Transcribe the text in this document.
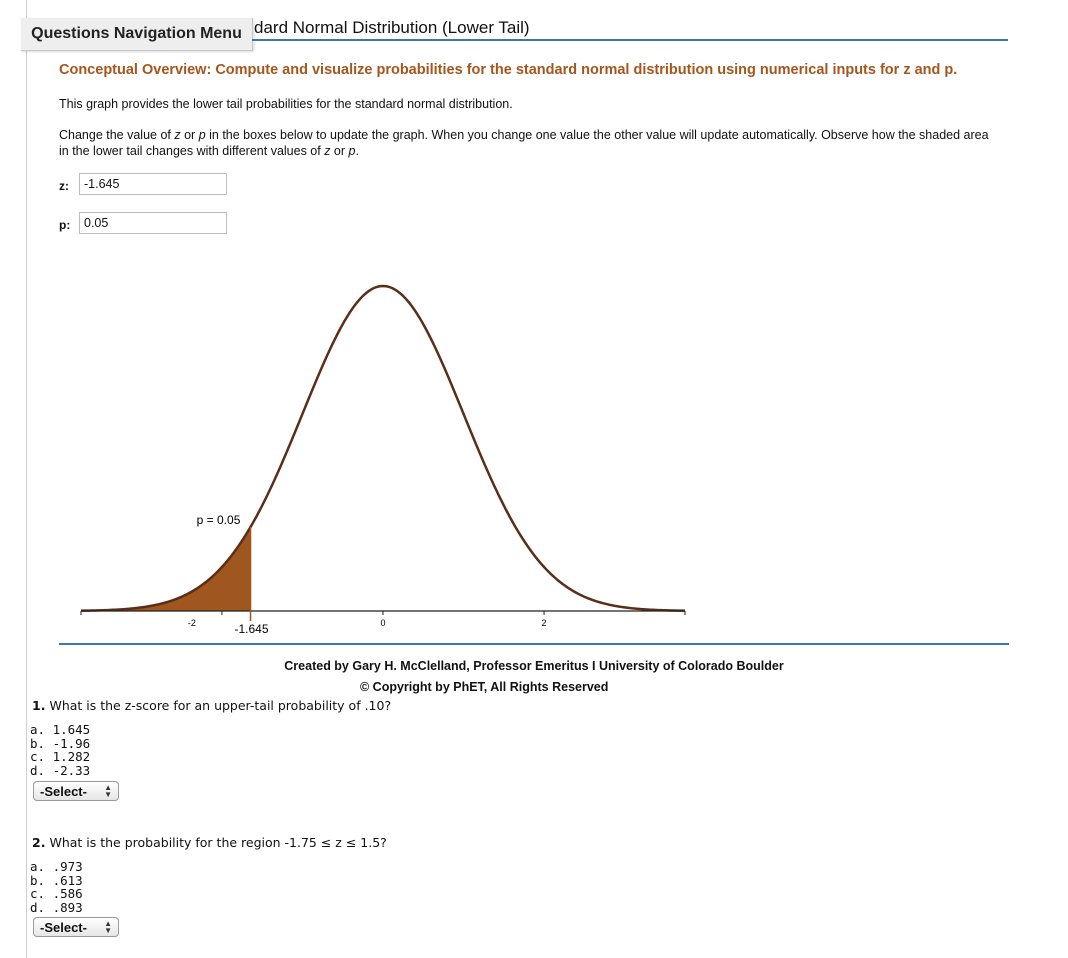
Questions Navigation Menu dard Normal Distribution (Lower Tail)
Conceptual Overview: Compute and visualize probabilities for the standard normal distribution using numerical inputs for z and p.
This graph provides the lower tail probabilities for the standard normal distribution.
Change the value of z or p in the boxes below to update the graph. When you change one value the other value will update automatically. Observe how the shaded area in the lower tail changes with different values of z or p.
z:
-1.645
p:
0.05
-2	0	2
p = 0.05
-1.645
Created by Gary H. McClelland, Professor Emeritus I University of Colorado Boulder
© Copyright by PhET, All Rights Reserved
1. What is the z-score for an upper-tail probability of .10?
a. 1.645
b. -1.96
c. 1.282
d. -2.33
-Select- ▲
▼
2. What is the probability for the region -1.75 ≤ z ≤ 1.5?
a. .973
b. .613
c. .586
d. .893
-Select- ▲
▼
